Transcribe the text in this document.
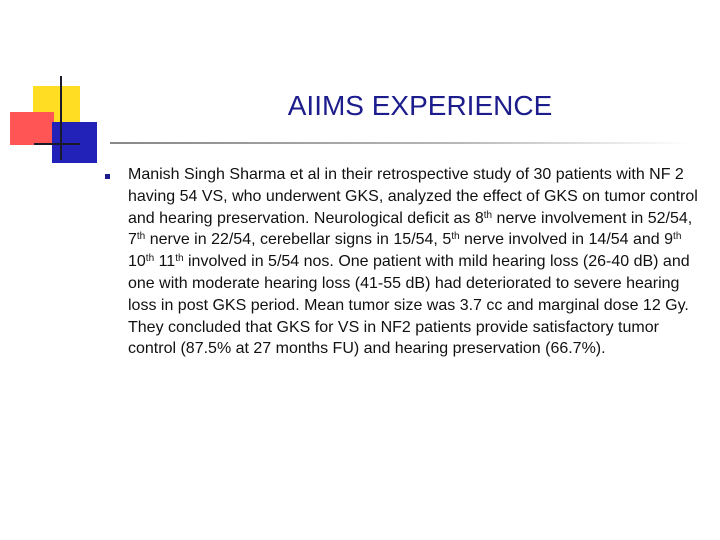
AIIMS EXPERIENCE

Manish Singh Sharma et al in their retrospective study of 30 patients with NF 2 having 54 VS, who underwent GKS, analyzed the effect of GKS on tumor control and hearing preservation. Neurological deficit as 8th nerve involvement in 52/54, 7th nerve in 22/54, cerebellar signs in 15/54, 5th nerve involved in 14/54 and 9th 10th 11th involved in 5/54 nos. One patient with mild hearing loss (26-40 dB) and one with moderate hearing loss (41-55 dB) had deteriorated to severe hearing loss in post GKS period. Mean tumor size was 3.7 cc and marginal dose 12 Gy. They concluded that GKS for VS in NF2 patients provide satisfactory tumor control (87.5% at 27 months FU) and hearing preservation (66.7%).
